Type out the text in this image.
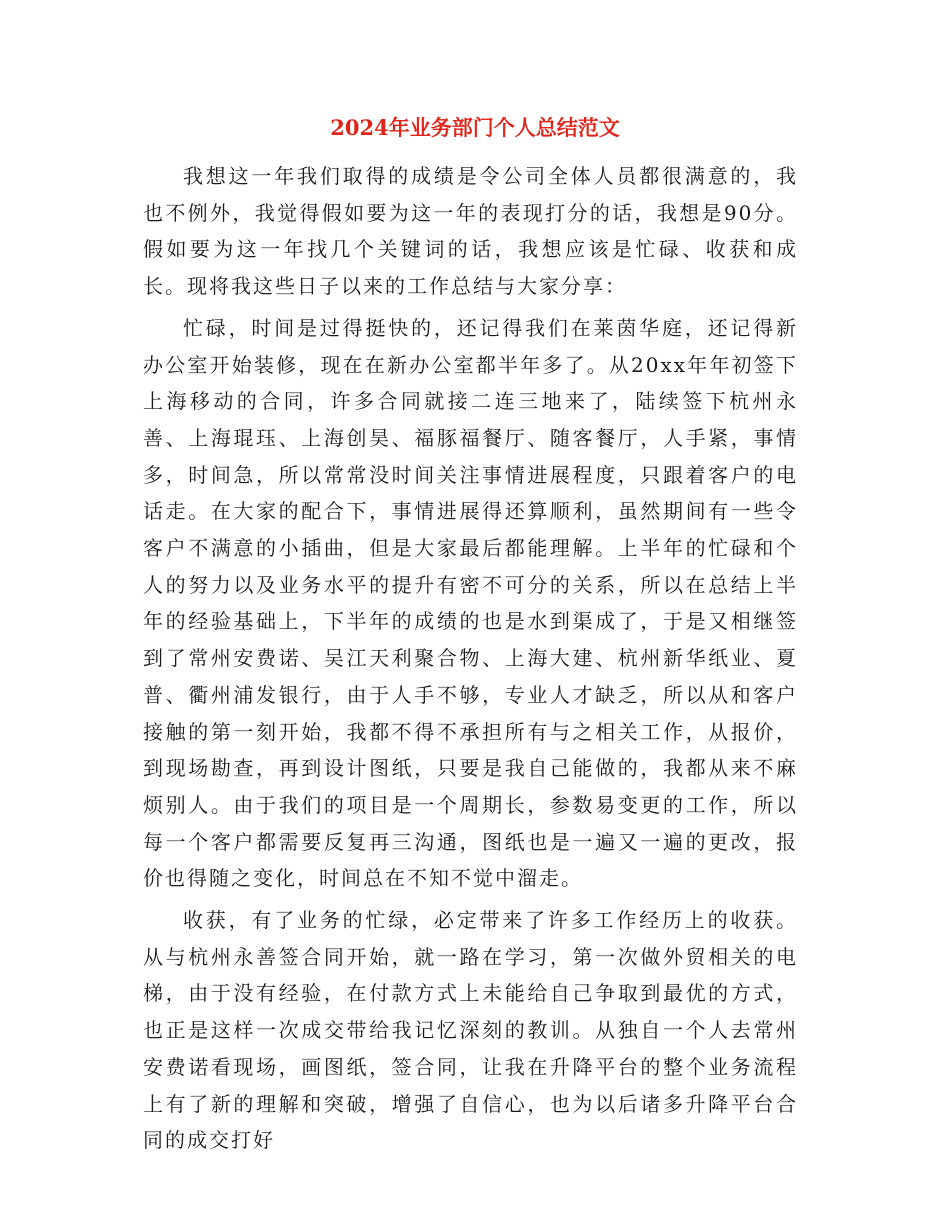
2024年业务部门个人总结范文

我想这一年我们取得的成绩是令公司全体人员都很满意的，我也不例外，我觉得假如要为这一年的表现打分的话，我想是90分。假如要为这一年找几个关键词的话，我想应该是忙碌、收获和成长。现将我这些日子以来的工作总结与大家分享：

忙碌，时间是过得挺快的，还记得我们在莱茵华庭，还记得新办公室开始装修，现在在新办公室都半年多了。从20xx年年初签下上海移动的合同，许多合同就接二连三地来了，陆续签下杭州永善、上海琨珏、上海创昊、福豚福餐厅、随客餐厅，人手紧，事情多，时间急，所以常常没时间关注事情进展程度，只跟着客户的电话走。在大家的配合下，事情进展得还算顺利，虽然期间有一些令客户不满意的小插曲，但是大家最后都能理解。上半年的忙碌和个人的努力以及业务水平的提升有密不可分的关系，所以在总结上半年的经验基础上，下半年的成绩的也是水到渠成了，于是又相继签到了常州安费诺、吴江天利聚合物、上海大建、杭州新华纸业、夏普、衢州浦发银行，由于人手不够，专业人才缺乏，所以从和客户接触的第一刻开始，我都不得不承担所有与之相关工作，从报价，到现场勘查，再到设计图纸，只要是我自己能做的，我都从来不麻烦别人。由于我们的项目是一个周期长，参数易变更的工作，所以每一个客户都需要反复再三沟通，图纸也是一遍又一遍的更改，报价也得随之变化，时间总在不知不觉中溜走。

收获，有了业务的忙绿，必定带来了许多工作经历上的收获。从与杭州永善签合同开始，就一路在学习，第一次做外贸相关的电梯，由于没有经验，在付款方式上未能给自己争取到最优的方式，也正是这样一次成交带给我记忆深刻的教训。从独自一个人去常州安费诺看现场，画图纸，签合同，让我在升降平台的整个业务流程上有了新的理解和突破，增强了自信心，也为以后诸多升降平台合同的成交打好
